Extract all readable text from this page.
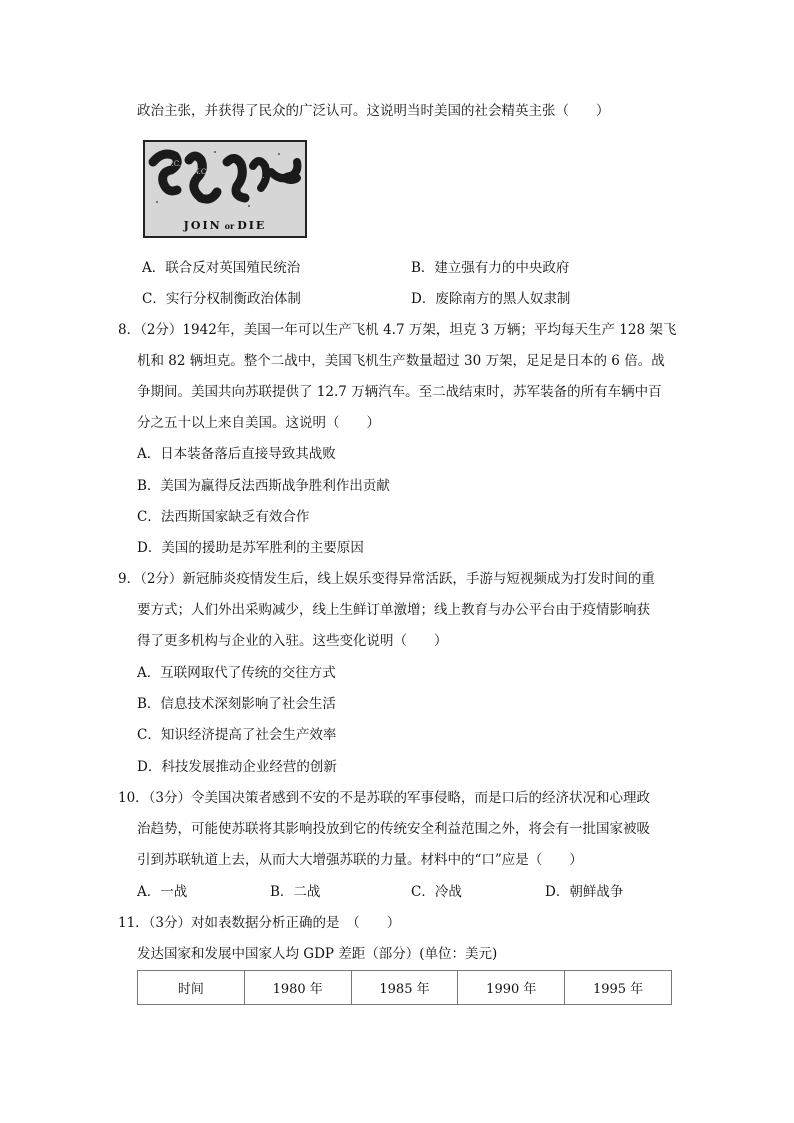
政治主张，并获得了民众的广泛认可。这说明当时美国的社会精英主张（　　）
S.C.
N.C.	V.	M.
JOIN or DIE
A．联合反对英国殖民统治	B．建立强有力的中央政府
C．实行分权制衡政治体制	D．废除南方的黑人奴隶制
8．（2分）1942年，美国一年可以生产飞机 4.7 万架，坦克 3 万辆；平均每天生产 128 架飞
机和 82 辆坦克。整个二战中，美国飞机生产数量超过 30 万架，足足是日本的 6 倍。战
争期间。美国共向苏联提供了 12.7 万辆汽车。至二战结束时，苏军装备的所有车辆中百
分之五十以上来自美国。这说明（　　）
A．日本装备落后直接导致其战败
B．美国为赢得反法西斯战争胜利作出贡献
C．法西斯国家缺乏有效合作
D．美国的援助是苏军胜利的主要原因
9．（2分）新冠肺炎疫情发生后，线上娱乐变得异常活跃，手游与短视频成为打发时间的重
要方式；人们外出采购减少，线上生鲜订单激增；线上教育与办公平台由于疫情影响获
得了更多机构与企业的入驻。这些变化说明（　　）
A．互联网取代了传统的交往方式
B．信息技术深刻影响了社会生活
C．知识经济提高了社会生产效率
D．科技发展推动企业经营的创新
10．（3分）令美国决策者感到不安的不是苏联的军事侵略，而是口后的经济状况和心理政
治趋势，可能使苏联将其影响投放到它的传统安全利益范围之外，将会有一批国家被吸
引到苏联轨道上去，从而大大增强苏联的力量。材料中的“口”应是（　　）
A．一战	B．二战	C．冷战	D．朝鲜战争
11．（3分）对如表数据分析正确的是　（　　）
发达国家和发展中国家人均 GDP 差距（部分）(单位：美元)
时间	1980 年	1985 年	1990 年	1995 年
